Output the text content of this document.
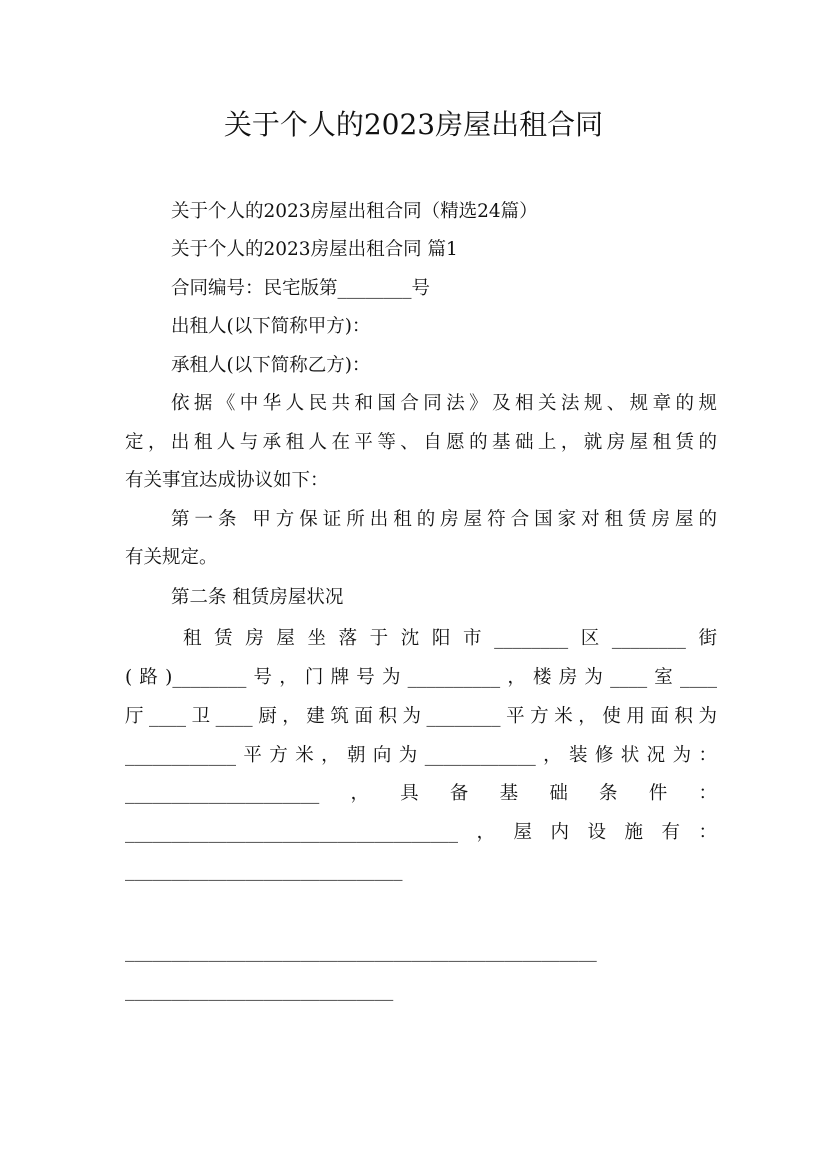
关于个人的2023房屋出租合同
关于个人的2023房屋出租合同（精选24篇）
关于个人的2023房屋出租合同 篇1
合同编号：民宅版第________号
出租人(以下简称甲方)：
承租人(以下简称乙方)：
依据《中华人民共和国合同法》及相关法规、规章的规
定，出租人与承租人在平等、自愿的基础上，就房屋租赁的
有关事宜达成协议如下：
第一条 甲方保证所出租的房屋符合国家对租赁房屋的
有关规定。
第二条 租赁房屋状况
租赁房屋坐落于沈阳市________区________街
(路)________号，门牌号为__________，楼房为____室____
厅____卫____厨，建筑面积为________平方米，使用面积为
____________平方米，朝向为____________，装修状况为：
_____________________，具备基础条件：
____________________________________，屋内设施有：
______________________________
___________________________________________________
_____________________________
